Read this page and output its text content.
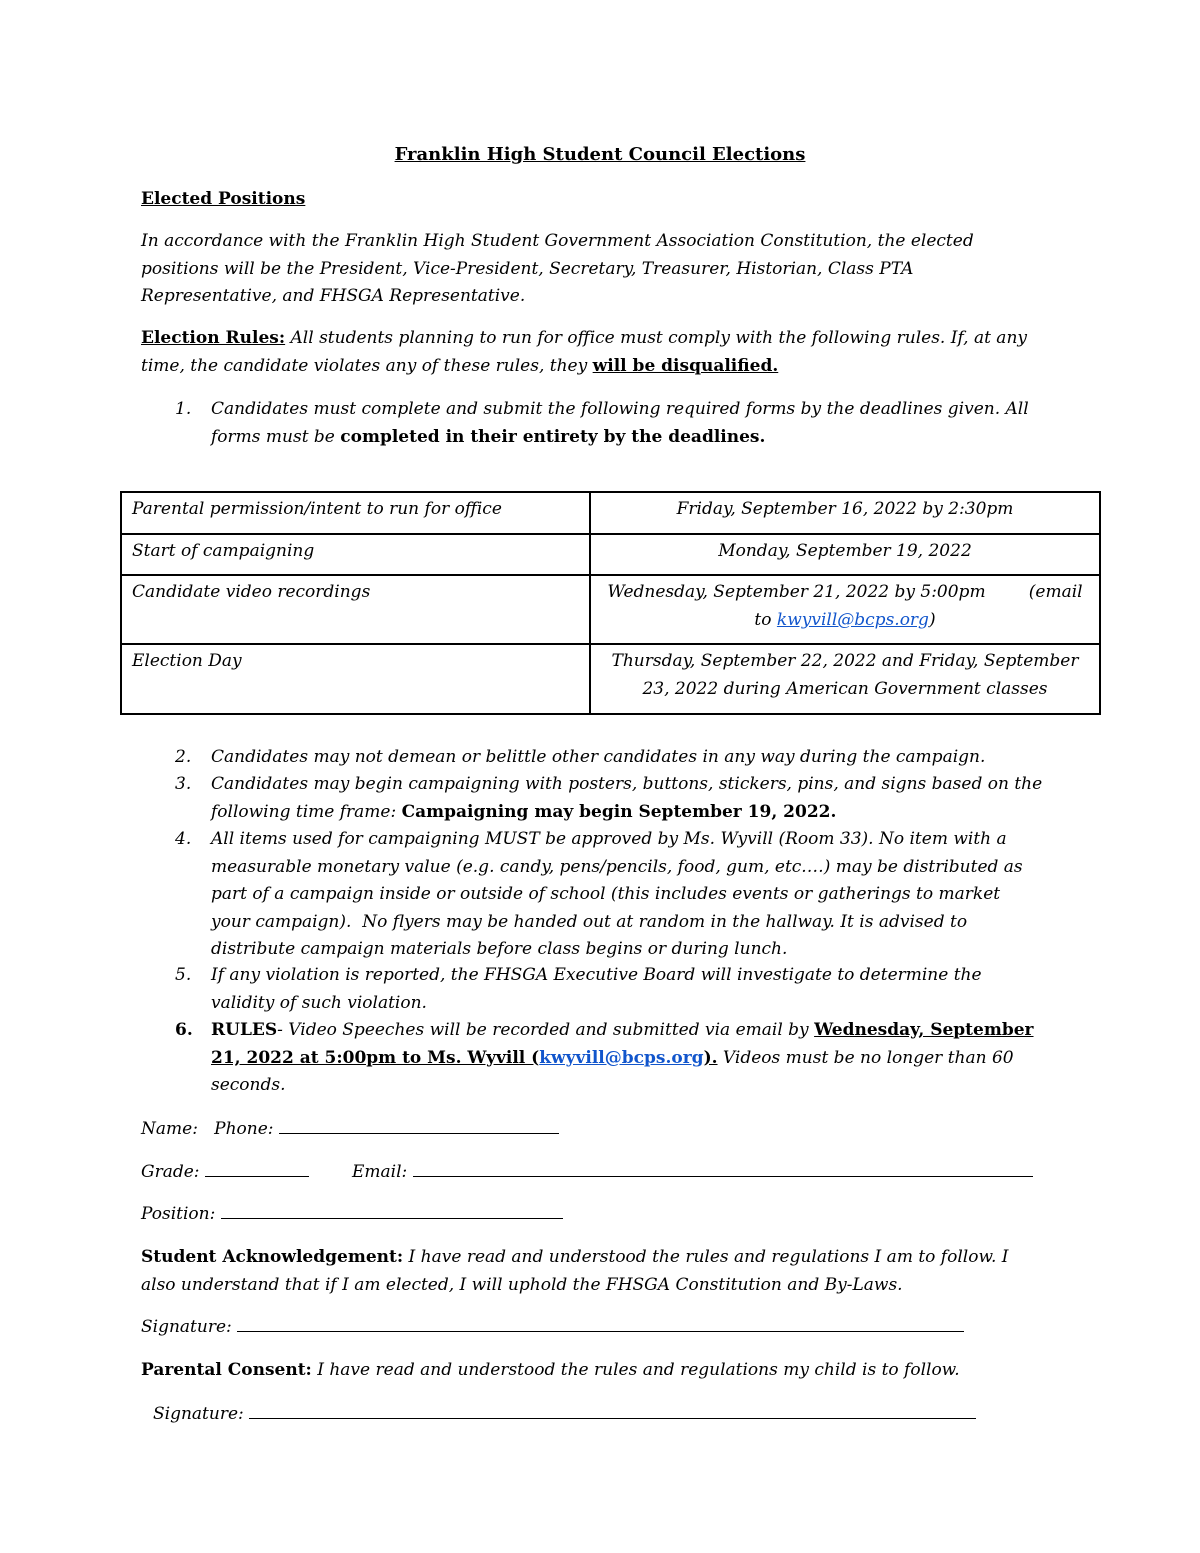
Franklin High Student Council Elections
Elected Positions
In accordance with the Franklin High Student Government Association Constitution, the elected
positions will be the President, Vice-President, Secretary, Treasurer, Historian, Class PTA
Representative, and FHSGA Representative.
Election Rules: All students planning to run for office must comply with the following rules. If, at any
time, the candidate violates any of these rules, they will be disqualified.
1. Candidates must complete and submit the following required forms by the deadlines given. All
forms must be completed in their entirety by the deadlines.
Parental permission/intent to run for office	Friday, September 16, 2022 by 2:30pm
Start of campaigning	Monday, September 19, 2022
Candidate video recordings	Wednesday, September 21, 2022 by 5:00pm        (email
to kwyvill@bcps.org)

Election Day	Thursday, September 22, 2022 and Friday, September
23, 2022 during American Government classes
2. Candidates may not demean or belittle other candidates in any way during the campaign.
3. Candidates may begin campaigning with posters, buttons, stickers, pins, and signs based on the
following time frame: Campaigning may begin September 19, 2022.
4. All items used for campaigning MUST be approved by Ms. Wyvill (Room 33). No item with a
measurable monetary value (e.g. candy, pens/pencils, food, gum, etc.…) may be distributed as
part of a campaign inside or outside of school (this includes events or gatherings to market
your campaign).  No flyers may be handed out at random in the hallway. It is advised to
distribute campaign materials before class begins or during lunch.
5. If any violation is reported, the FHSGA Executive Board will investigate to determine the
validity of such violation.
6. RULES- Video Speeches will be recorded and submitted via email by Wednesday, September
21, 2022 at 5:00pm to Ms. Wyvill (kwyvill@bcps.org). Videos must be no longer than 60
seconds.
Name: Phone:
Grade:	Email:
Position:
Student Acknowledgement: I have read and understood the rules and regulations I am to follow. I
also understand that if I am elected, I will uphold the FHSGA Constitution and By-Laws.
Signature:
Parental Consent: I have read and understood the rules and regulations my child is to follow.
Signature:
